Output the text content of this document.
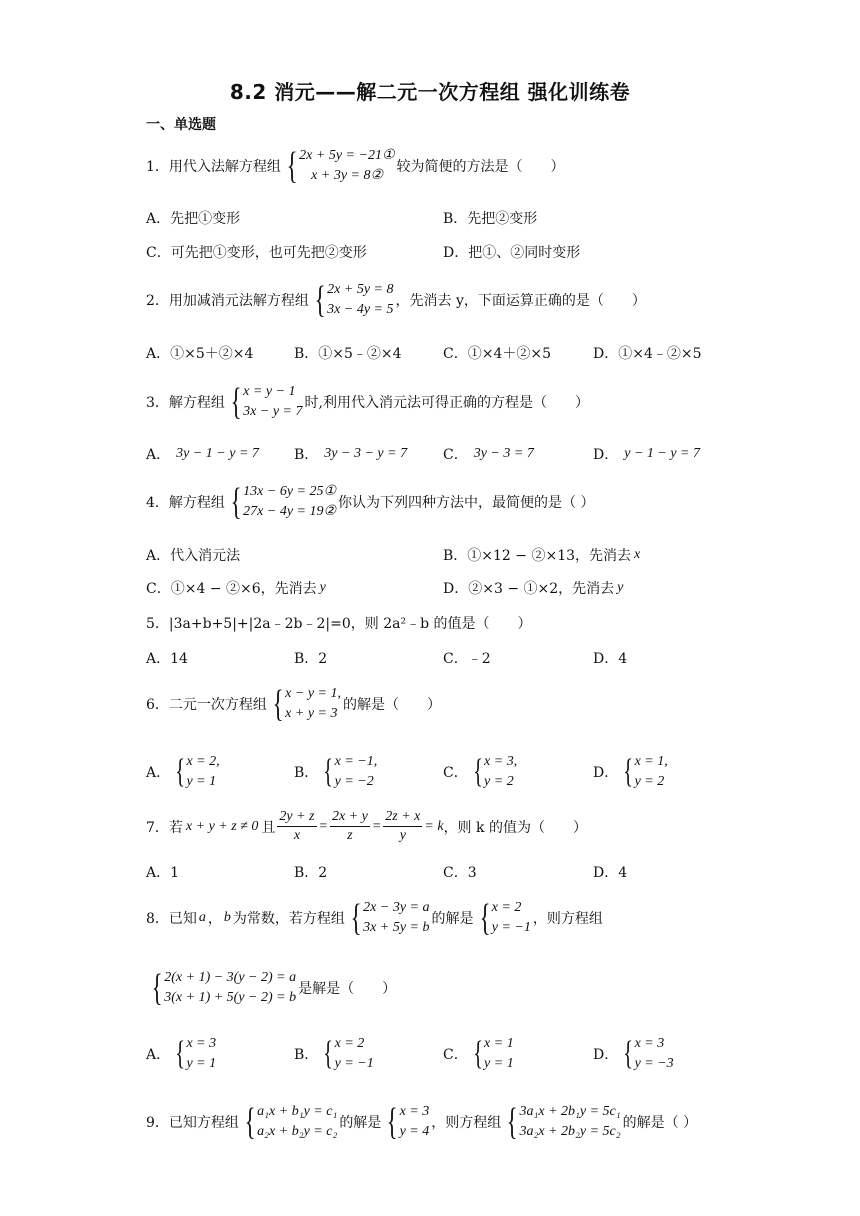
8.2 消元——解二元一次方程组 强化训练卷
一、单选题
1． 用代入法解方程组 { 2x + 5y = −21①
x + 3y = 8②
较为简便的方法是（　　）
A．先把①变形	B．先把②变形
C．可先把①变形，也可先把②变形	D．把①、②同时变形
2． 用加减消元法解方程组 { 2x + 5y = 8
3x − 4y = 5
，先消去 y，下面运算正确的是（　　）
A．①×5＋②×4	B．①×5﹣②×4	C．①×4＋②×5	D．①×4﹣②×5
3． 解方程组 { x = y − 1
3x − y = 7
时,利用代入消元法可得正确的方程是（　　）
A． 3y − 1 − y = 7	B． 3y − 3 − y = 7	C． 3y − 3 = 7	D． y − 1 − y = 7
4． 解方程组 { 13x − 6y = 25①
27x − 4y = 19②
你认为下列四种方法中，最简便的是（ ）
A．代入消元法	B． ①×12 − ②×13，先消去 x
C． ①×4 − ②×6，先消去 y	D． ②×3 − ①×2，先消去 y
5．|3a+b+5|+|2a﹣2b﹣2|=0，则 2a²﹣b 的值是（　　）
A．14	B．2	C．﹣2	D．4
6． 二元一次方程组 { x − y = 1,
x + y = 3
的解是（　　）
A． { x = 2,
y = 1
B． { x = −1,
y = −2
C． { x = 3,
y = 2
D． { x = 1,
y = 2
7． 若 x + y + z ≠ 0 且 $\frac{2y + z}{x} = \frac{2x + y}{z} = \frac{2z + x}{y} = k$ ，则 k 的值为（　　）
A．1	B．2	C．3	D．4
8． 已知 a ， b 为常数，若方程组 { 2x − 3y = a
3x + 5y = b
的解是 { x = 2
y = −1
，则方程组
{ 2(x + 1) − 3(y − 2) = a
3(x + 1) + 5(y − 2) = b
是解是（　　）
A． { x = 3
y = 1
B． { x = 2
y = −1
C． { x = 1
y = 1
D． { x = 3
y = −3
9． 已知方程组 { a₁x + b₁y = c₁
a₂x + b₂y = c₂
的解是 { x = 3
y = 4
，则方程组 { 3a₁x + 2b₁y = 5c₁
3a₂x + 2b₂y = 5c₂
的解是（ ）
